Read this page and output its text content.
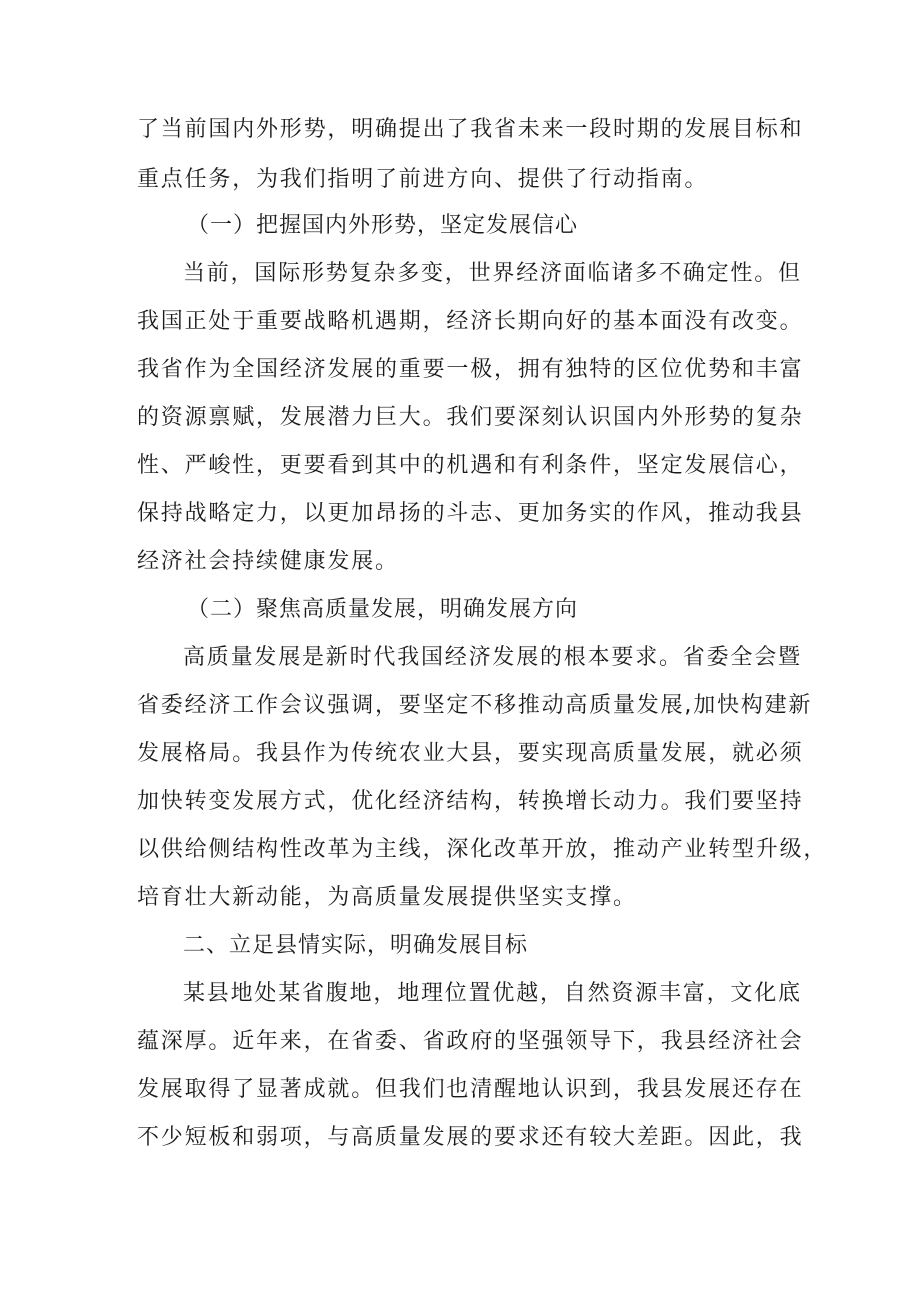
了当前国内外形势，明确提出了我省未来一段时期的发展目标和
重点任务，为我们指明了前进方向、提供了行动指南。
（一）把握国内外形势，坚定发展信心
当前，国际形势复杂多变，世界经济面临诸多不确定性。但
我国正处于重要战略机遇期，经济长期向好的基本面没有改变。
我省作为全国经济发展的重要一极，拥有独特的区位优势和丰富
的资源禀赋，发展潜力巨大。我们要深刻认识国内外形势的复杂
性、严峻性，更要看到其中的机遇和有利条件，坚定发展信心，
保持战略定力，以更加昂扬的斗志、更加务实的作风，推动我县
经济社会持续健康发展。
（二）聚焦高质量发展，明确发展方向
高质量发展是新时代我国经济发展的根本要求。省委全会暨
省委经济工作会议强调，要坚定不移推动高质量发展,加快构建新
发展格局。我县作为传统农业大县，要实现高质量发展，就必须
加快转变发展方式，优化经济结构，转换增长动力。我们要坚持
以供给侧结构性改革为主线，深化改革开放，推动产业转型升级，
培育壮大新动能，为高质量发展提供坚实支撑。
二、立足县情实际，明确发展目标
某县地处某省腹地，地理位置优越，自然资源丰富，文化底
蕴深厚。近年来，在省委、省政府的坚强领导下，我县经济社会
发展取得了显著成就。但我们也清醒地认识到，我县发展还存在
不少短板和弱项，与高质量发展的要求还有较大差距。因此，我
